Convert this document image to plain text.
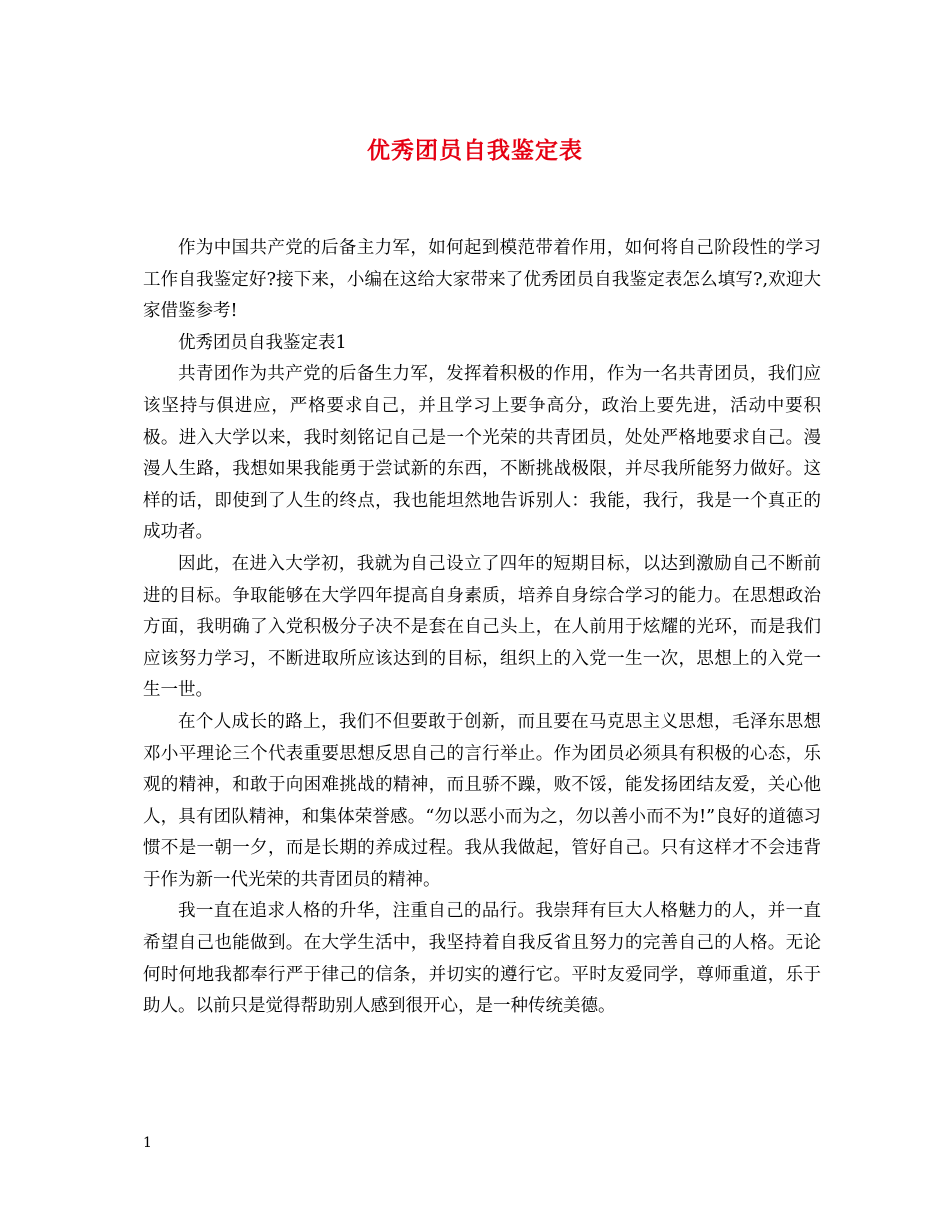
优秀团员自我鉴定表

作为中国共产党的后备主力军，如何起到模范带着作用，如何将自己阶段性的学习工作自我鉴定好?接下来，小编在这给大家带来了优秀团员自我鉴定表怎么填写?,欢迎大家借鉴参考!

优秀团员自我鉴定表1

共青团作为共产党的后备生力军，发挥着积极的作用，作为一名共青团员，我们应该坚持与俱进应，严格要求自己，并且学习上要争高分，政治上要先进，活动中要积极。进入大学以来，我时刻铭记自己是一个光荣的共青团员，处处严格地要求自己。漫漫人生路，我想如果我能勇于尝试新的东西，不断挑战极限，并尽我所能努力做好。这样的话，即使到了人生的终点，我也能坦然地告诉别人：我能，我行，我是一个真正的成功者。

因此，在进入大学初，我就为自己设立了四年的短期目标，以达到激励自己不断前进的目标。争取能够在大学四年提高自身素质，培养自身综合学习的能力。在思想政治方面，我明确了入党积极分子决不是套在自己头上，在人前用于炫耀的光环，而是我们应该努力学习，不断进取所应该达到的目标，组织上的入党一生一次，思想上的入党一生一世。

在个人成长的路上，我们不但要敢于创新，而且要在马克思主义思想，毛泽东思想邓小平理论三个代表重要思想反思自己的言行举止。作为团员必须具有积极的心态，乐观的精神，和敢于向困难挑战的精神，而且骄不躁，败不馁，能发扬团结友爱，关心他人，具有团队精神，和集体荣誉感。“勿以恶小而为之，勿以善小而不为!”良好的道德习惯不是一朝一夕，而是长期的养成过程。我从我做起，管好自己。只有这样才不会违背于作为新一代光荣的共青团员的精神。

我一直在追求人格的升华，注重自己的品行。我崇拜有巨大人格魅力的人，并一直希望自己也能做到。在大学生活中，我坚持着自我反省且努力的完善自己的人格。无论何时何地我都奉行严于律己的信条，并切实的遵行它。平时友爱同学，尊师重道，乐于助人。以前只是觉得帮助别人感到很开心，是一种传统美德。

1
